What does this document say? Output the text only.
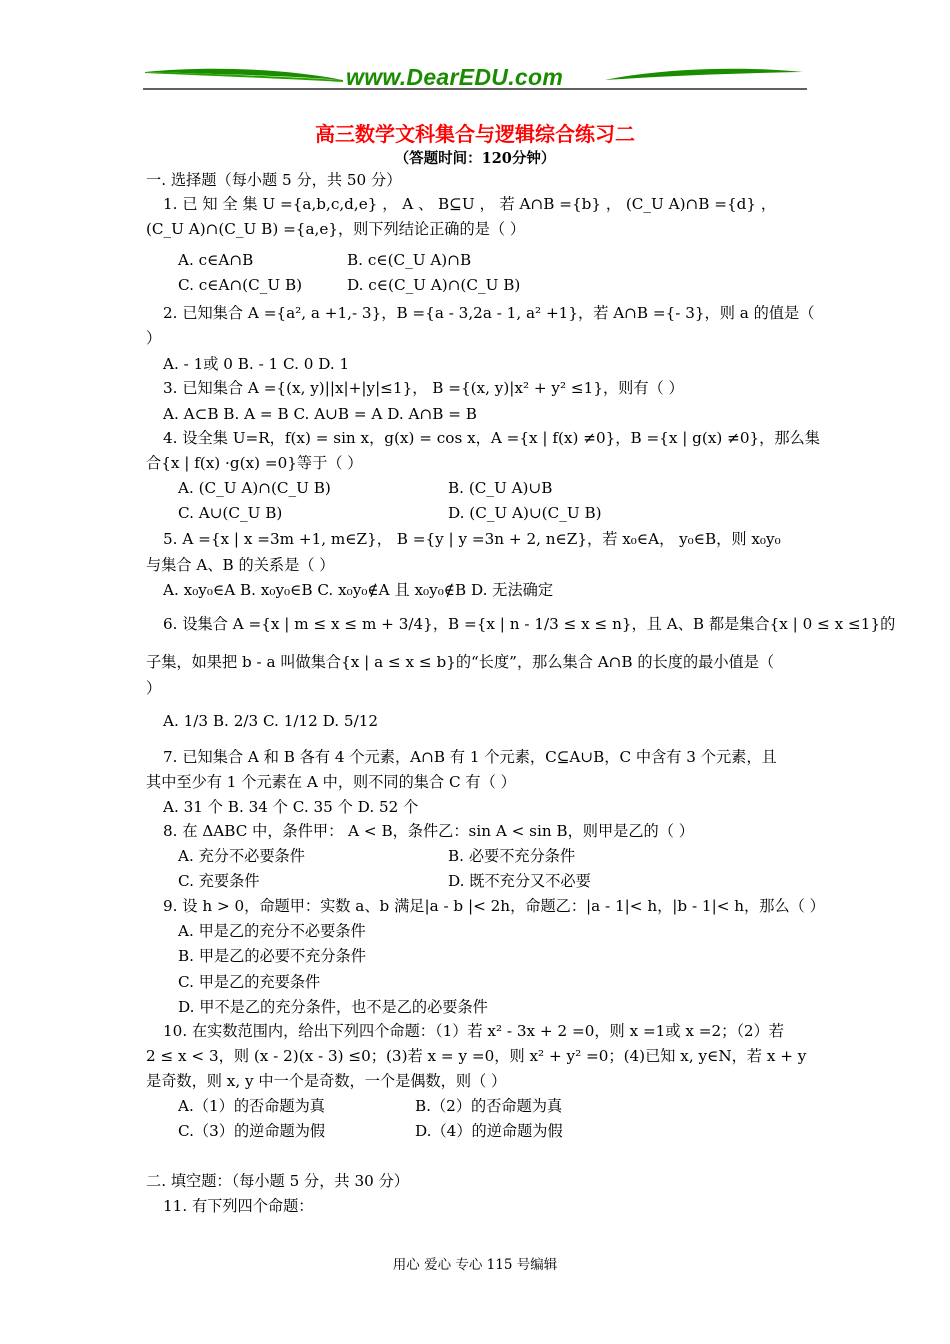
www.DearEDU.com
高三数学文科集合与逻辑综合练习二
（答题时间：120分钟）
一. 选择题（每小题 5 分，共 50 分）
1. 已 知 全 集 U ={a,b,c,d,e} ， A 、 B⊆U ， 若 A∩B ={b} ， (C_U A)∩B ={d} ，
(C_U A)∩(C_U B) ={a,e}，则下列结论正确的是（ ）
A. c∈A∩B	B. c∈(C_U A)∩B
C. c∈A∩(C_U B)	D. c∈(C_U A)∩(C_U B)
2. 已知集合 A ={a², a +1,- 3}，B ={a - 3,2a - 1, a² +1}，若 A∩B ={- 3}，则 a 的值是（
）
A. - 1或 0 B. - 1 C. 0 D. 1
3. 已知集合 A ={(x, y)||x|+|y|≤1}， B ={(x, y)|x² + y² ≤1}，则有（ ）
A. A⊂B B. A = B C. A∪B = A D. A∩B = B
4. 设全集 U=R，f(x) = sin x，g(x) = cos x，A ={x | f(x) ≠0}，B ={x | g(x) ≠0}，那么集
合{x | f(x) ·g(x) =0}等于（ ）
A. (C_U A)∩(C_U B)	B. (C_U A)∪B
C. A∪(C_U B)	D. (C_U A)∪(C_U B)
5. A ={x | x =3m +1, m∈Z}， B ={y | y =3n + 2, n∈Z}，若 x₀∈A， y₀∈B，则 x₀y₀
与集合 A、B 的关系是（ ）
A. x₀y₀∈A B. x₀y₀∈B C. x₀y₀∉A 且 x₀y₀∉B D. 无法确定
6. 设集合 A ={x | m ≤ x ≤ m + 3/4}，B ={x | n - 1/3 ≤ x ≤ n}，且 A、B 都是集合{x | 0 ≤ x ≤1}的
子集，如果把 b - a 叫做集合{x | a ≤ x ≤ b}的“长度”，那么集合 A∩B 的长度的最小值是（
）
A. 1/3 B. 2/3 C. 1/12 D. 5/12
7. 已知集合 A 和 B 各有 4 个元素，A∩B 有 1 个元素，C⊆A∪B，C 中含有 3 个元素，且
其中至少有 1 个元素在 A 中，则不同的集合 C 有（ ）
A. 31 个 B. 34 个 C. 35 个 D. 52 个
8. 在 ΔABC 中，条件甲： A < B，条件乙：sin A < sin B，则甲是乙的（ ）
A. 充分不必要条件	B. 必要不充分条件
C. 充要条件	D. 既不充分又不必要
9. 设 h > 0，命题甲：实数 a、b 满足|a - b |< 2h，命题乙：|a - 1|< h，|b - 1|< h，那么（ ）
A. 甲是乙的充分不必要条件
B. 甲是乙的必要不充分条件
C. 甲是乙的充要条件
D. 甲不是乙的充分条件，也不是乙的必要条件
10. 在实数范围内，给出下列四个命题：（1）若 x² - 3x + 2 =0，则 x =1或 x =2；（2）若
2 ≤ x < 3，则 (x - 2)(x - 3) ≤0；(3)若 x = y =0，则 x² + y² =0；(4)已知 x, y∈N，若 x + y
是奇数，则 x, y 中一个是奇数，一个是偶数，则（ ）
A.（1）的否命题为真	B.（2）的否命题为真
C.（3）的逆命题为假	D.（4）的逆命题为假
二. 填空题：（每小题 5 分，共 30 分）
11. 有下列四个命题：
用心 爱心 专心 115 号编辑
